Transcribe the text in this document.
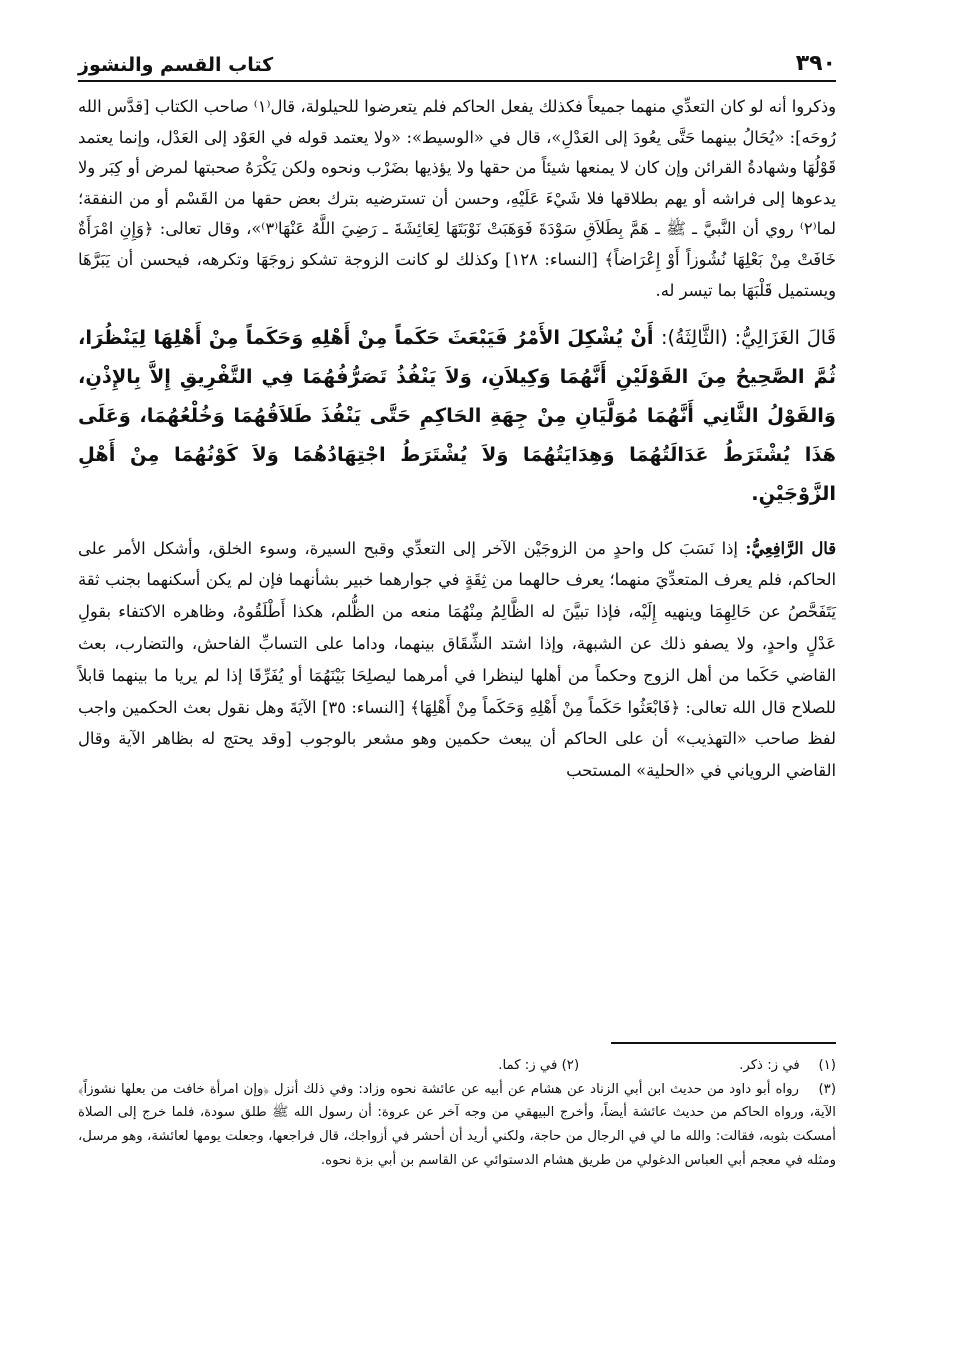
٣٩٠
كتاب القسم والنشوز

وذكروا أنه لو كان التعدِّي منهما جميعاً فكذلك يفعل الحاكم فلم يتعرضوا للحيلولة، قال⁽١⁾ صاحب الكتاب [قدَّس الله رُوحَه]: «يُحَالُ بينهما حَتَّى يعُودَ إلى العَدْلِ»، قال في «الوسيط»: «ولا يعتمد قوله في العَوْد إلى العَدْل، وإنما يعتمد قَوْلُهَا وشهادةُ القرائن وإن كان لا يمنعها شيئاً من حقها ولا يؤذيها بضَرْب ونحوه ولكن يَكْرَهُ صحبتها لمرض أو كِبَر ولا يدعوها إلى فراشه أو يهم بطلاقها فلا شَيْءَ عَلَيْهِ، وحسن أن تسترضيه بترك بعض حقها من القَسْم أو من النفقة؛ لما⁽٢⁾ روي أن النَّبيَّ ـ ﷺ ـ هَمَّ بِطَلاَقِ سَوْدَةَ فَوَهَبَتْ نَوْبَتَهَا لِعَائِشَةَ ـ رَضِيَ اللَّهُ عَنْهَا⁽٣⁾»، وقال تعالى: ﴿وَإِنِ امْرَأَةٌ خَافَتْ مِنْ بَعْلِهَا نُشُوزاً أَوْ إِعْرَاضاً﴾ [النساء: ١٢٨] وكذلك لو كانت الزوجة تشكو زوجَهَا وتكرهه، فيحسن أن يَبَرَّهَا ويستميل قَلْبَهَا بما تيسر له.

قَالَ الغَزَالِيُّ: (الثَّالِثَةُ): أَنْ يُشْكِلَ الأَمْرُ فَيَبْعَثَ حَكَماً مِنْ أَهْلِهِ وَحَكَماً مِنْ أَهْلِهَا لِيَنْظُرَا، ثُمَّ الصَّحِيحُ مِنَ القَوْلَيْنِ أَنَّهُمَا وَكِيلاَنِ، وَلاَ يَنْفُذُ تَصَرُّفُهُمَا فِي التَّفْرِيقِ إِلاَّ بِالإِذْنِ، وَالقَوْلُ الثَّانِي أَنَّهُمَا مُوَلَّيَانِ مِنْ جِهَةِ الحَاكِمِ حَتَّى يَنْفُذَ طَلاَقُهُمَا وَخُلْعُهُمَا، وَعَلَى هَذَا يُشْتَرَطُ عَدَالَتُهُمَا وَهِدَايَتُهُمَا وَلاَ يُشْتَرَطُ اجْتِهَادُهُمَا وَلاَ كَوْنُهُمَا مِنْ أَهْلِ الزَّوْجَيْنِ.

قال الرَّافِعِيُّ: إذا نَسَبَ كل واحدٍ من الزوجَيْن الآخر إلى التعدِّي وقبح السيرة، وسوء الخلق، وأشكل الأمر على الحاكم، فلم يعرف المتعدِّيَ منهما؛ يعرف حالهما من ثِقَةٍ في جوارهما خبير بشأنهما فإن لم يكن أسكنهما بجنب ثقة يَتَفَحَّصُ عن حَالِهِمَا وينهيه إِلَيْه، فإذا تبيَّنَ له الظَّالِمُ مِنْهُمَا منعه من الظُّلم، هكذا أَطْلَقُوهُ، وظاهره الاكتفاء بقولِ عَدْلٍ واحدٍ، ولا يصفو ذلك عن الشبهة، وإذا اشتد الشِّقَاق بينهما، وداما على التسابِّ الفاحش، والتضارب، بعث القاضي حَكَما من أهل الزوج وحكماً من أهلها لينظرا في أمرهما ليصلِحَا بَيْنَهُمَا أو يُفَرِّقَا إذا لم يريا ما بينهما قابلاً للصلاح قال الله تعالى: ﴿فَابْعَثُوا حَكَماً مِنْ أَهْلِهِ وَحَكَماً مِنْ أَهْلِهَا﴾ [النساء: ٣٥] الآيَةَ وهل نقول بعث الحكمين واجب لفظ صاحب «التهذيب» أن على الحاكم أن يبعث حكمين وهو مشعر بالوجوب [وقد يحتج له بظاهر الآية وقال القاضي الروياني في «الحلية» المستحب

(١) في ز: ذكر.

(٢) في ز: كما.

(٣) رواه أبو داود من حديث ابن أبي الزناد عن هشام عن أبيه عن عائشة نحوه وزاد: وفي ذلك أنزل ﴿وإن امرأة خافت من بعلها نشوزاً﴾ الآية، ورواه الحاكم من حديث عائشة أيضاً، وأخرج البيهقي من وجه آخر عن عروة: أن رسول الله ﷺ طلق سودة، فلما خرج إلى الصلاة أمسكت بثوبه، فقالت: والله ما لي في الرجال من حاجة، ولكني أريد أن أحشر في أزواجك، قال فراجعها، وجعلت يومها لعائشة، وهو مرسل، ومثله في معجم أبي العباس الدغولي من طريق هشام الدستوائي عن القاسم بن أبي بزة نحوه.
